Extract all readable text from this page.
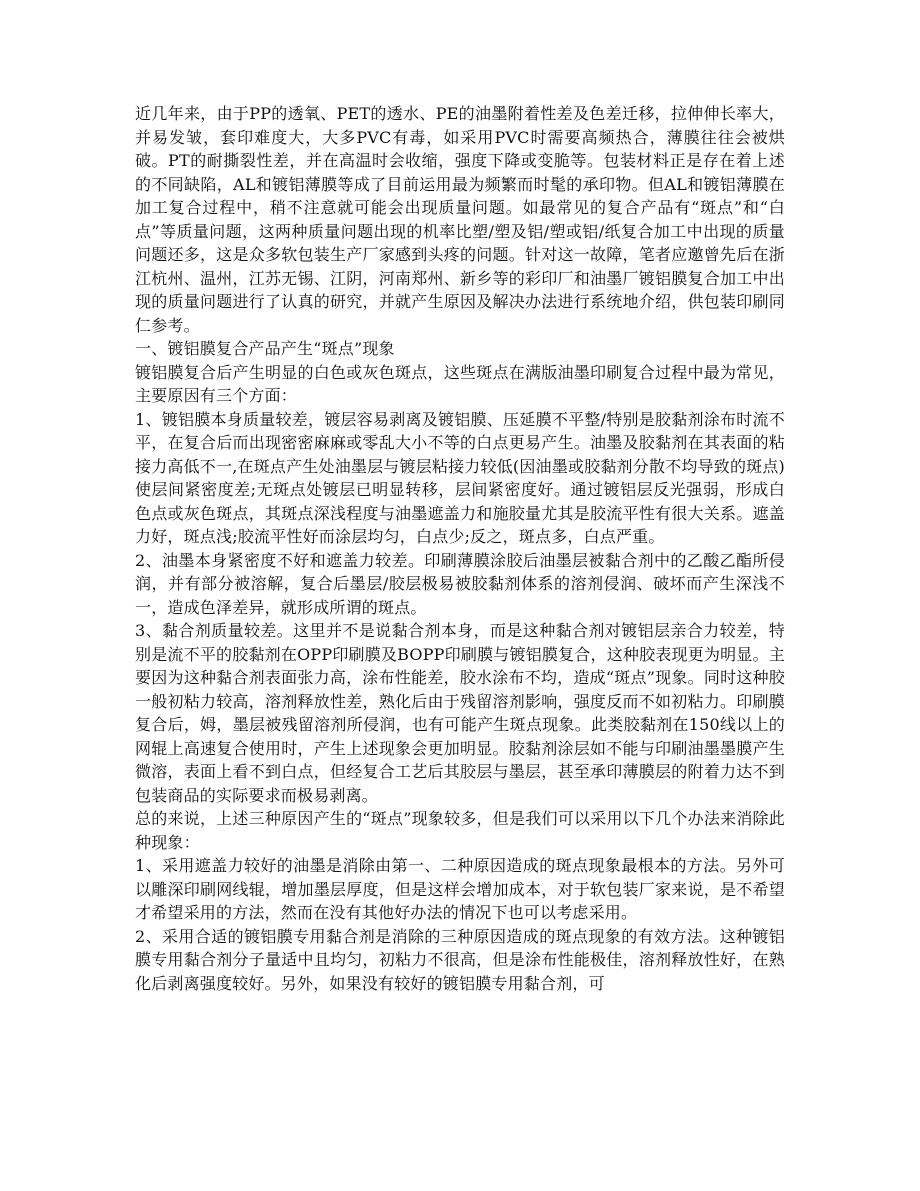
近几年来，由于PP的透氧、PET的透水、PE的油墨附着性差及色差迁移，拉伸伸长率大，并易发皱，套印难度大，大多PVC有毒，如采用PVC时需要高频热合，薄膜往往会被烘破。PT的耐撕裂性差，并在高温时会收缩，强度下降或变脆等。包装材料正是存在着上述的不同缺陷，AL和镀铝薄膜等成了目前运用最为频繁而时髦的承印物。但AL和镀铝薄膜在加工复合过程中，稍不注意就可能会出现质量问题。如最常见的复合产品有“斑点”和“白点”等质量问题，这两种质量问题出现的机率比塑/塑及铝/塑或铝/纸复合加工中出现的质量问题还多，这是众多软包装生产厂家感到头疼的问题。针对这一故障，笔者应邀曾先后在浙江杭州、温州，江苏无锡、江阴，河南郑州、新乡等的彩印厂和油墨厂镀铝膜复合加工中出现的质量问题进行了认真的研究，并就产生原因及解决办法进行系统地介绍，供包装印刷同仁参考。

一、镀铝膜复合产品产生“斑点”现象

镀铝膜复合后产生明显的白色或灰色斑点，这些斑点在满版油墨印刷复合过程中最为常见，主要原因有三个方面：

1、镀铝膜本身质量较差，镀层容易剥离及镀铝膜、压延膜不平整/特别是胶黏剂涂布时流不平，在复合后而出现密密麻麻或零乱大小不等的白点更易产生。油墨及胶黏剂在其表面的粘接力高低不一,在斑点产生处油墨层与镀层粘接力较低(因油墨或胶黏剂分散不均导致的斑点)使层间紧密度差;无斑点处镀层已明显转移，层间紧密度好。通过镀铝层反光强弱，形成白色点或灰色斑点，其斑点深浅程度与油墨遮盖力和施胶量尤其是胶流平性有很大关系。遮盖力好，斑点浅;胶流平性好而涂层均匀，白点少;反之，斑点多，白点严重。

2、油墨本身紧密度不好和遮盖力较差。印刷薄膜涂胶后油墨层被黏合剂中的乙酸乙酯所侵润，并有部分被溶解，复合后墨层/胶层极易被胶黏剂体系的溶剂侵润、破坏而产生深浅不一，造成色泽差异，就形成所谓的斑点。

3、黏合剂质量较差。这里并不是说黏合剂本身，而是这种黏合剂对镀铝层亲合力较差，特别是流不平的胶黏剂在OPP印刷膜及BOPP印刷膜与镀铝膜复合，这种胶表现更为明显。主要因为这种黏合剂表面张力高，涂布性能差，胶水涂布不均，造成“斑点”现象。同时这种胶一般初粘力较高，溶剂释放性差，熟化后由于残留溶剂影响，强度反而不如初粘力。印刷膜复合后，姆，墨层被残留溶剂所侵润，也有可能产生斑点现象。此类胶黏剂在150线以上的网辊上高速复合使用时，产生上述现象会更加明显。胶黏剂涂层如不能与印刷油墨墨膜产生微溶，表面上看不到白点，但经复合工艺后其胶层与墨层，甚至承印薄膜层的附着力达不到包装商品的实际要求而极易剥离。

总的来说，上述三种原因产生的“斑点”现象较多，但是我们可以采用以下几个办法来消除此种现象：

1、采用遮盖力较好的油墨是消除由第一、二种原因造成的斑点现象最根本的方法。另外可以雕深印刷网线辊，增加墨层厚度，但是这样会增加成本，对于软包装厂家来说，是不希望才希望采用的方法，然而在没有其他好办法的情况下也可以考虑采用。

2、采用合适的镀铝膜专用黏合剂是消除的三种原因造成的斑点现象的有效方法。这种镀铝膜专用黏合剂分子量适中且均匀，初粘力不很高，但是涂布性能极佳，溶剂释放性好，在熟化后剥离强度较好。另外，如果没有较好的镀铝膜专用黏合剂，可
